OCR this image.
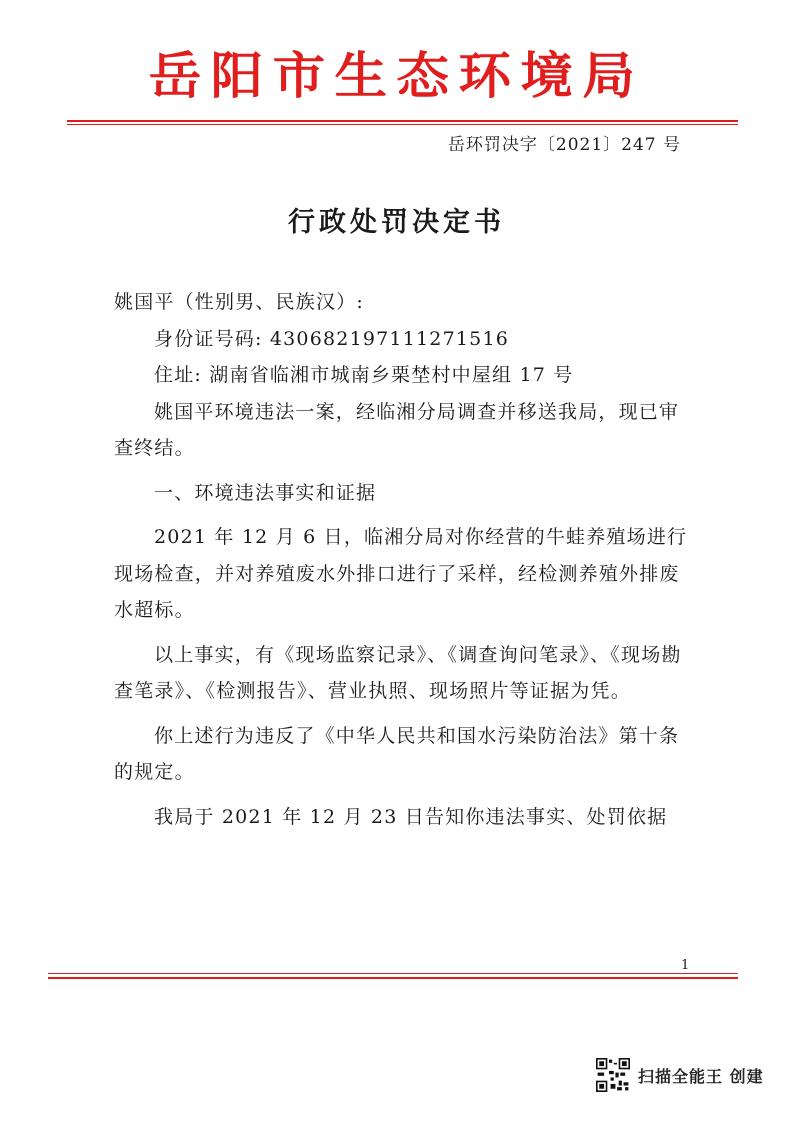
岳阳市生态环境局
岳环罚决字〔2021〕247 号
行政处罚决定书

姚国平（性别男、民族汉）:

身份证号码: 430682197111271516

住址: 湖南省临湘市城南乡栗埜村中屋组 17 号

姚国平环境违法一案，经临湘分局调查并移送我局，现已审查终结。

一、环境违法事实和证据

2021 年 12 月 6 日，临湘分局对你经营的牛蛙养殖场进行现场检查，并对养殖废水外排口进行了采样，经检测养殖外排废水超标。

以上事实，有《现场监察记录》、《调查询问笔录》、《现场勘查笔录》、《检测报告》、营业执照、现场照片等证据为凭。

你上述行为违反了《中华人民共和国水污染防治法》第十条的规定。

我局于 2021 年 12 月 23 日告知你违法事实、处罚依据

1
扫描全能王 创建
